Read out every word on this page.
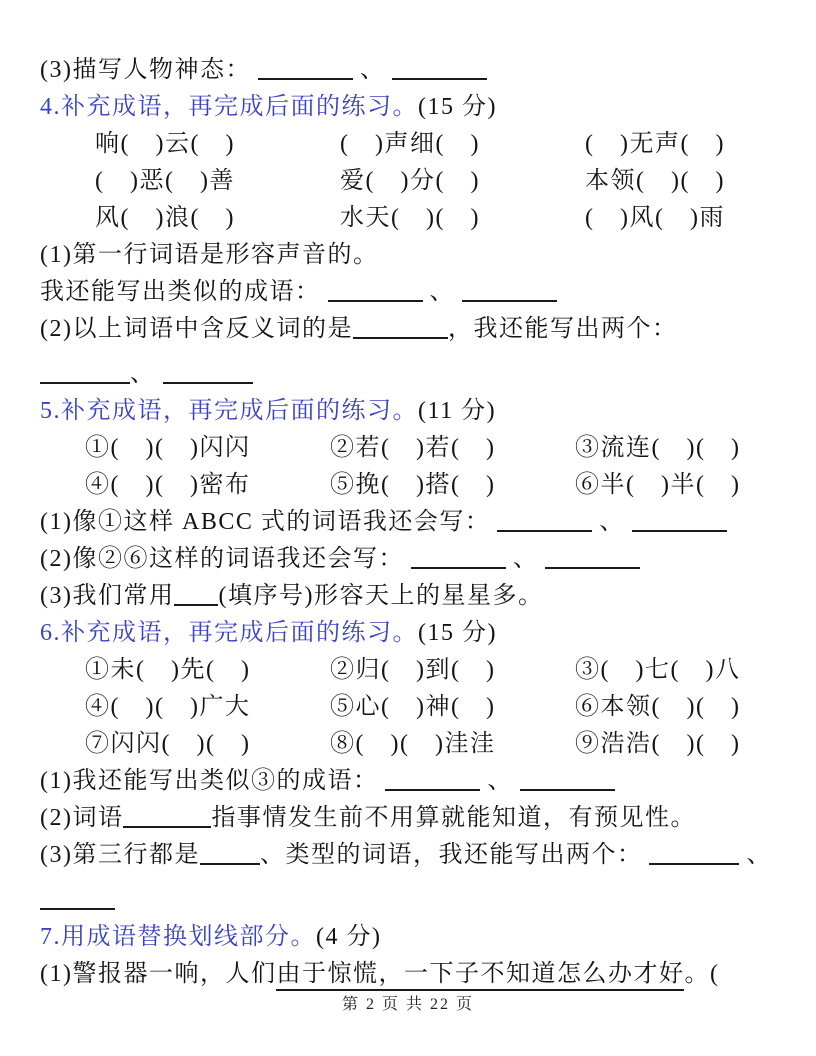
(3)描写人物神态：	、
4.补充成语，再完成后面的练习。(15 分)
响(　)云(　)	(　)声细(　)	(　)无声(　)
(　)恶(　)善	爱(　)分(　)	本领(　)(　)
风(　)浪(　)	水天(　)(　)	(　)风(　)雨
(1)第一行词语是形容声音的。
我还能写出类似的成语：	、
(2)以上词语中含反义词的是	，我还能写出两个：
、
5.补充成语，再完成后面的练习。(11 分)
①(　)(　)闪闪	②若(　)若(　)	③流连(　)(　)
④(　)(　)密布	⑤挽(　)搭(　)	⑥半(　)半(　)
(1)像①这样 ABCC 式的词语我还会写：	、
(2)像②⑥这样的词语我还会写：	、
(3)我们常用 (填序号)形容天上的星星多。
6.补充成语，再完成后面的练习。(15 分)
①未(　)先(　)	②归(　)到(　)	③(　)七(　)八
④(　)(　)广大	⑤心(　)神(　)	⑥本领(　)(　)
⑦闪闪(　)(　)	⑧(　)(　)洼洼	⑨浩浩(　)(　)
(1)我还能写出类似③的成语：	、
(2)词语	指事情发生前不用算就能知道，有预见性。
(3)第三行都是	、类型的词语，我还能写出两个：	、
7.用成语替换划线部分。(4 分)
(1)警报器一响，人们由于惊慌，一下子不知道怎么办才好。(
第 2 页 共 22 页
